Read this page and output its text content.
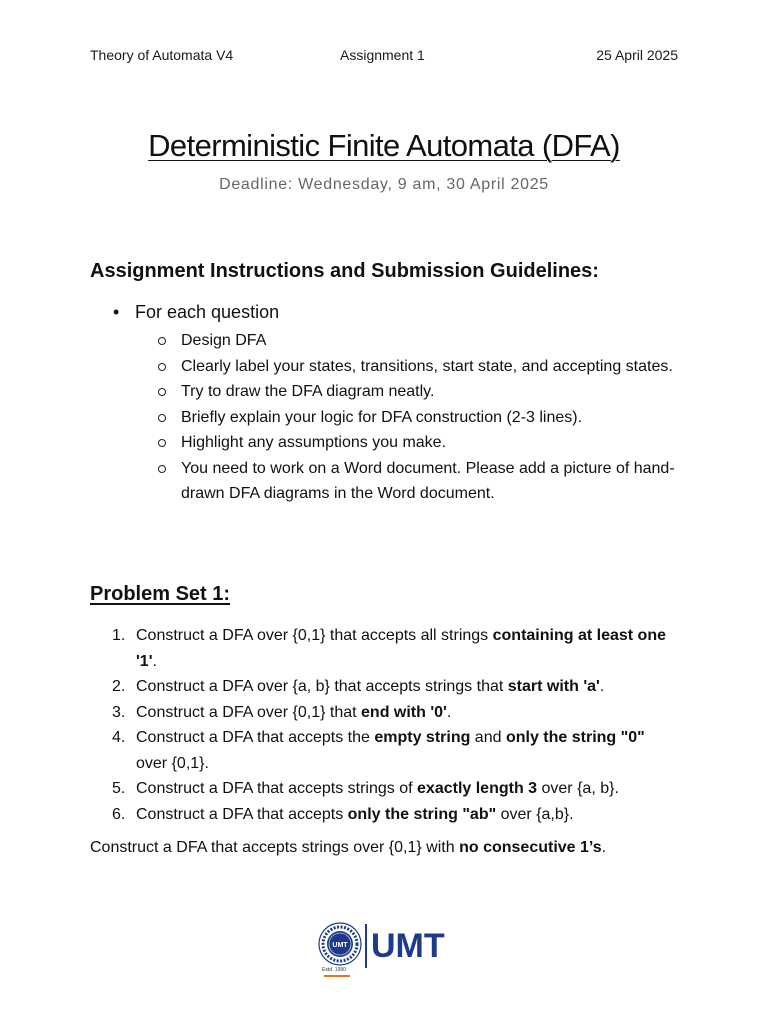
Theory of Automata V4	Assignment 1	25 April 2025
Deterministic Finite Automata (DFA)
Deadline: Wednesday, 9 am, 30 April 2025
Assignment Instructions and Submission Guidelines:
• For each question
Design DFA
Clearly label your states, transitions, start state, and accepting states.
Try to draw the DFA diagram neatly.
Briefly explain your logic for DFA construction (2-3 lines).
Highlight any assumptions you make.
You need to work on a Word document. Please add a picture of hand-drawn DFA diagrams in the Word document.
Problem Set 1:
1. Construct a DFA over {0,1} that accepts all strings containing at least one '1'.
2. Construct a DFA over {a, b} that accepts strings that start with 'a'.
3. Construct a DFA over {0,1} that end with '0'.
4. Construct a DFA that accepts the empty string and only the string "0" over {0,1}.
5. Construct a DFA that accepts strings of exactly length 3 over {a, b}.
6. Construct a DFA that accepts only the string "ab" over {a,b}.
Construct a DFA that accepts strings over {0,1} with no consecutive 1’s.
UMT
Estd. 1990
UMT
